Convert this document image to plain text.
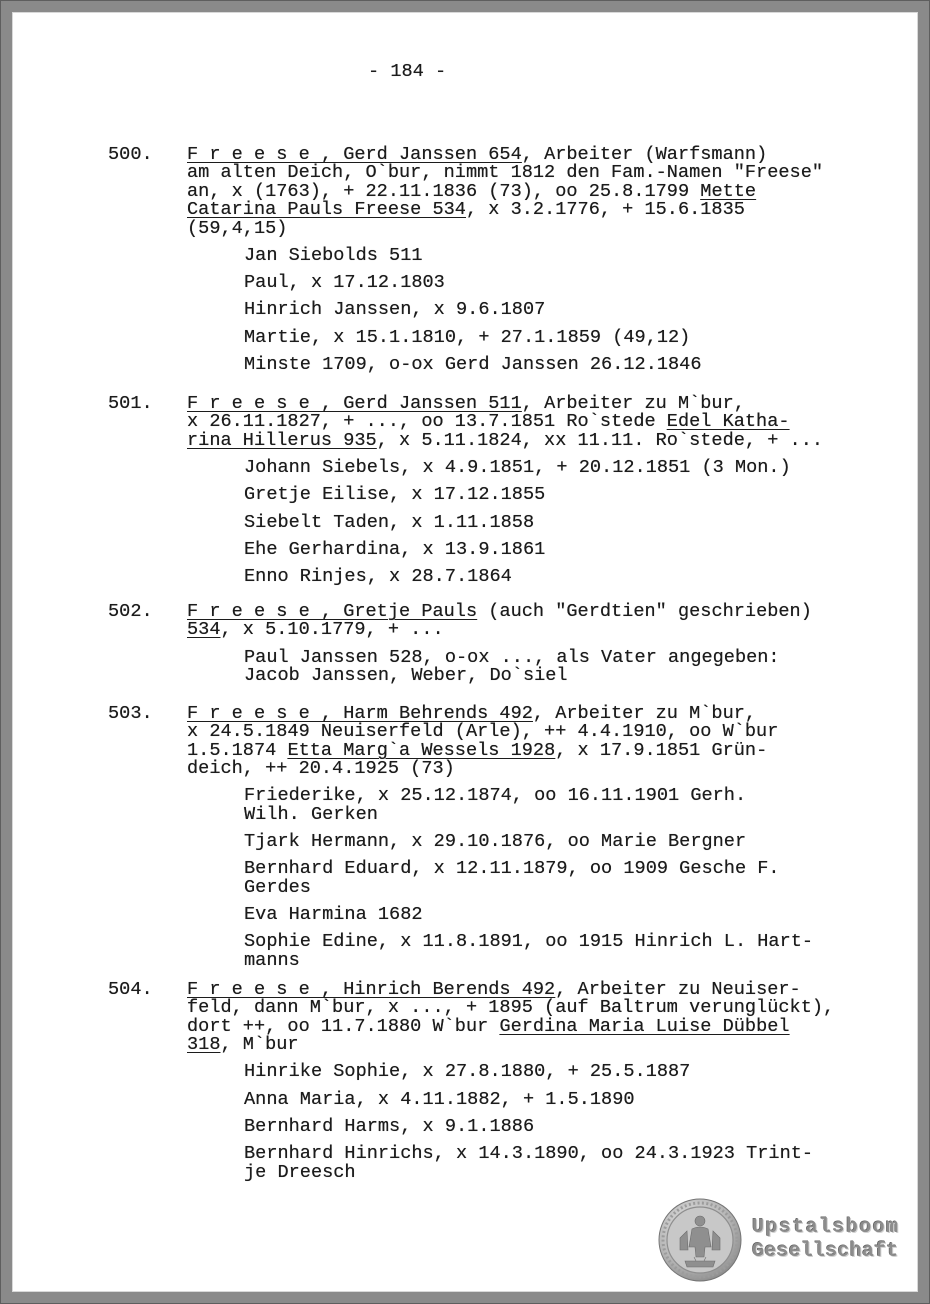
- 184 -
500. F r e e s e , Gerd Janssen 654, Arbeiter (Warfsmann)
am alten Deich, O`bur, nimmt 1812 den Fam.-Namen "Freese"
an, x (1763), + 22.11.1836 (73), oo 25.8.1799 Mette
Catarina Pauls Freese 534, x 3.2.1776, + 15.6.1835
(59,4,15)
Jan Siebolds 511
Paul, x 17.12.1803
Hinrich Janssen, x 9.6.1807
Martie, x 15.1.1810, + 27.1.1859 (49,12)
Minste 1709, o-ox Gerd Janssen 26.12.1846
501. F r e e s e , Gerd Janssen 511, Arbeiter zu M`bur,
x 26.11.1827, + ..., oo 13.7.1851 Ro`stede Edel Katha-
rina Hillerus 935, x 5.11.1824, xx 11.11. Ro`stede, + ...
Johann Siebels, x 4.9.1851, + 20.12.1851 (3 Mon.)
Gretje Eilise, x 17.12.1855
Siebelt Taden, x 1.11.1858
Ehe Gerhardina, x 13.9.1861
Enno Rinjes, x 28.7.1864
502. F r e e s e , Gretje Pauls (auch "Gerdtien" geschrieben)
534, x 5.10.1779, + ...
Paul Janssen 528, o-ox ..., als Vater angegeben:
Jacob Janssen, Weber, Do`siel
503. F r e e s e , Harm Behrends 492, Arbeiter zu M`bur,
x 24.5.1849 Neuiserfeld (Arle), ++ 4.4.1910, oo W`bur
1.5.1874 Etta Marg`a Wessels 1928, x 17.9.1851 Grün-
deich, ++ 20.4.1925 (73)
Friederike, x 25.12.1874, oo 16.11.1901 Gerh.
Wilh. Gerken
Tjark Hermann, x 29.10.1876, oo Marie Bergner
Bernhard Eduard, x 12.11.1879, oo 1909 Gesche F.
Gerdes
Eva Harmina 1682
Sophie Edine, x 11.8.1891, oo 1915 Hinrich L. Hart-
manns
504. F r e e s e , Hinrich Berends 492, Arbeiter zu Neuiser-
feld, dann M`bur, x ..., + 1895 (auf Baltrum verunglückt),
dort ++, oo 11.7.1880 W`bur Gerdina Maria Luise Dübbel
318, M`bur
Hinrike Sophie, x 27.8.1880, + 25.5.1887
Anna Maria, x 4.11.1882, + 1.5.1890
Bernhard Harms, x 9.1.1886
Bernhard Hinrichs, x 14.3.1890, oo 24.3.1923 Trint-
je Dreesch
Upstalsboom
Gesellschaft
